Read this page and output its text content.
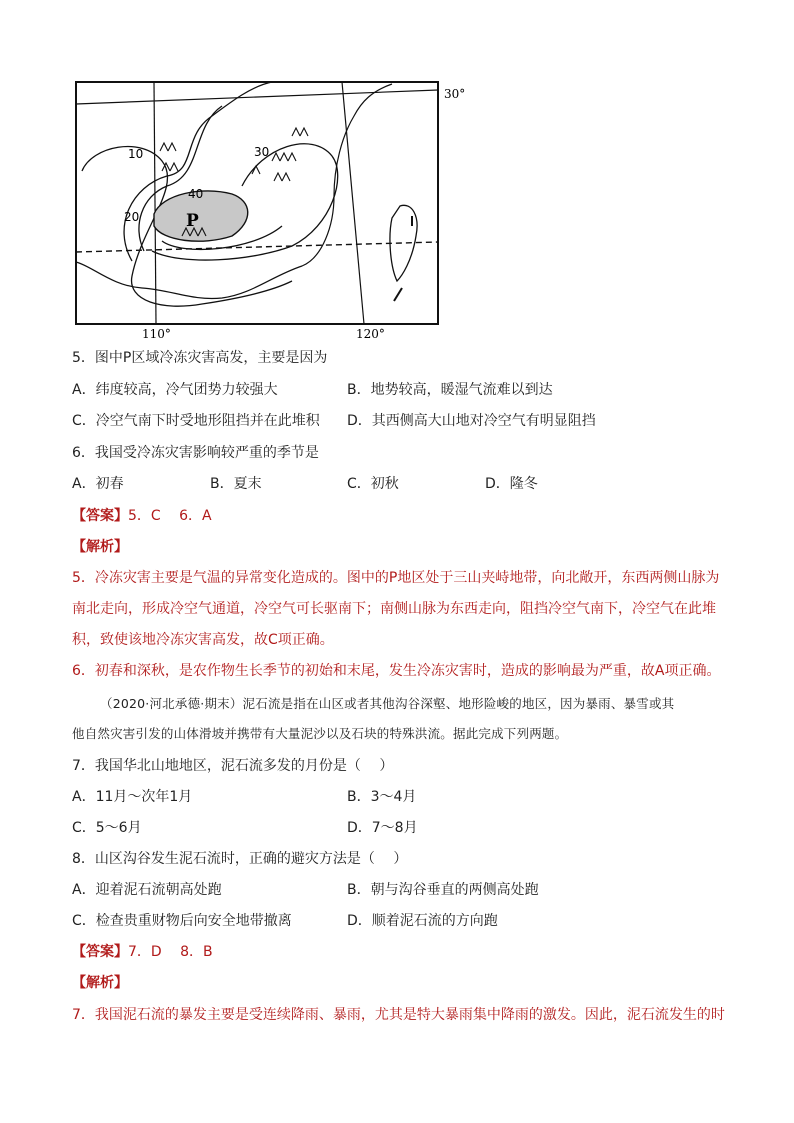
30°
110°	120°
P
10
20
30
40
5．图中P区域冷冻灾害高发，主要是因为
A．纬度较高，冷气团势力较强大	B．地势较高，暖湿气流难以到达
C．冷空气南下时受地形阻挡并在此堆积 D．其西侧高大山地对冷空气有明显阻挡
6．我国受冷冻灾害影响较严重的季节是
A．初春	B．夏末	C．初秋	D．隆冬
【答案】5．C　 6．A
【解析】
5．冷冻灾害主要是气温的异常变化造成的。图中的P地区处于三山夹峙地带，向北敞开，东西两侧山脉为
南北走向，形成冷空气通道，冷空气可长驱南下；南侧山脉为东西走向，阻挡冷空气南下，冷空气在此堆
积，致使该地冷冻灾害高发，故C项正确。
6．初春和深秋，是农作物生长季节的初始和末尾，发生冷冻灾害时，造成的影响最为严重，故A项正确。
（2020·河北承德·期末）泥石流是指在山区或者其他沟谷深壑、地形险峻的地区，因为暴雨、暴雪或其
他自然灾害引发的山体滑坡并携带有大量泥沙以及石块的特殊洪流。据此完成下列两题。
7．我国华北山地地区，泥石流多发的月份是（　 ）
A．11月～次年1月	B．3～4月
C．5～6月	D．7～8月
8．山区沟谷发生泥石流时，正确的避灾方法是（　 ）
A．迎着泥石流朝高处跑	B．朝与沟谷垂直的两侧高处跑
C．检查贵重财物后向安全地带撤离	D．顺着泥石流的方向跑
【答案】7．D　 8．B
【解析】
7．我国泥石流的暴发主要是受连续降雨、暴雨，尤其是特大暴雨集中降雨的激发。因此，泥石流发生的时
